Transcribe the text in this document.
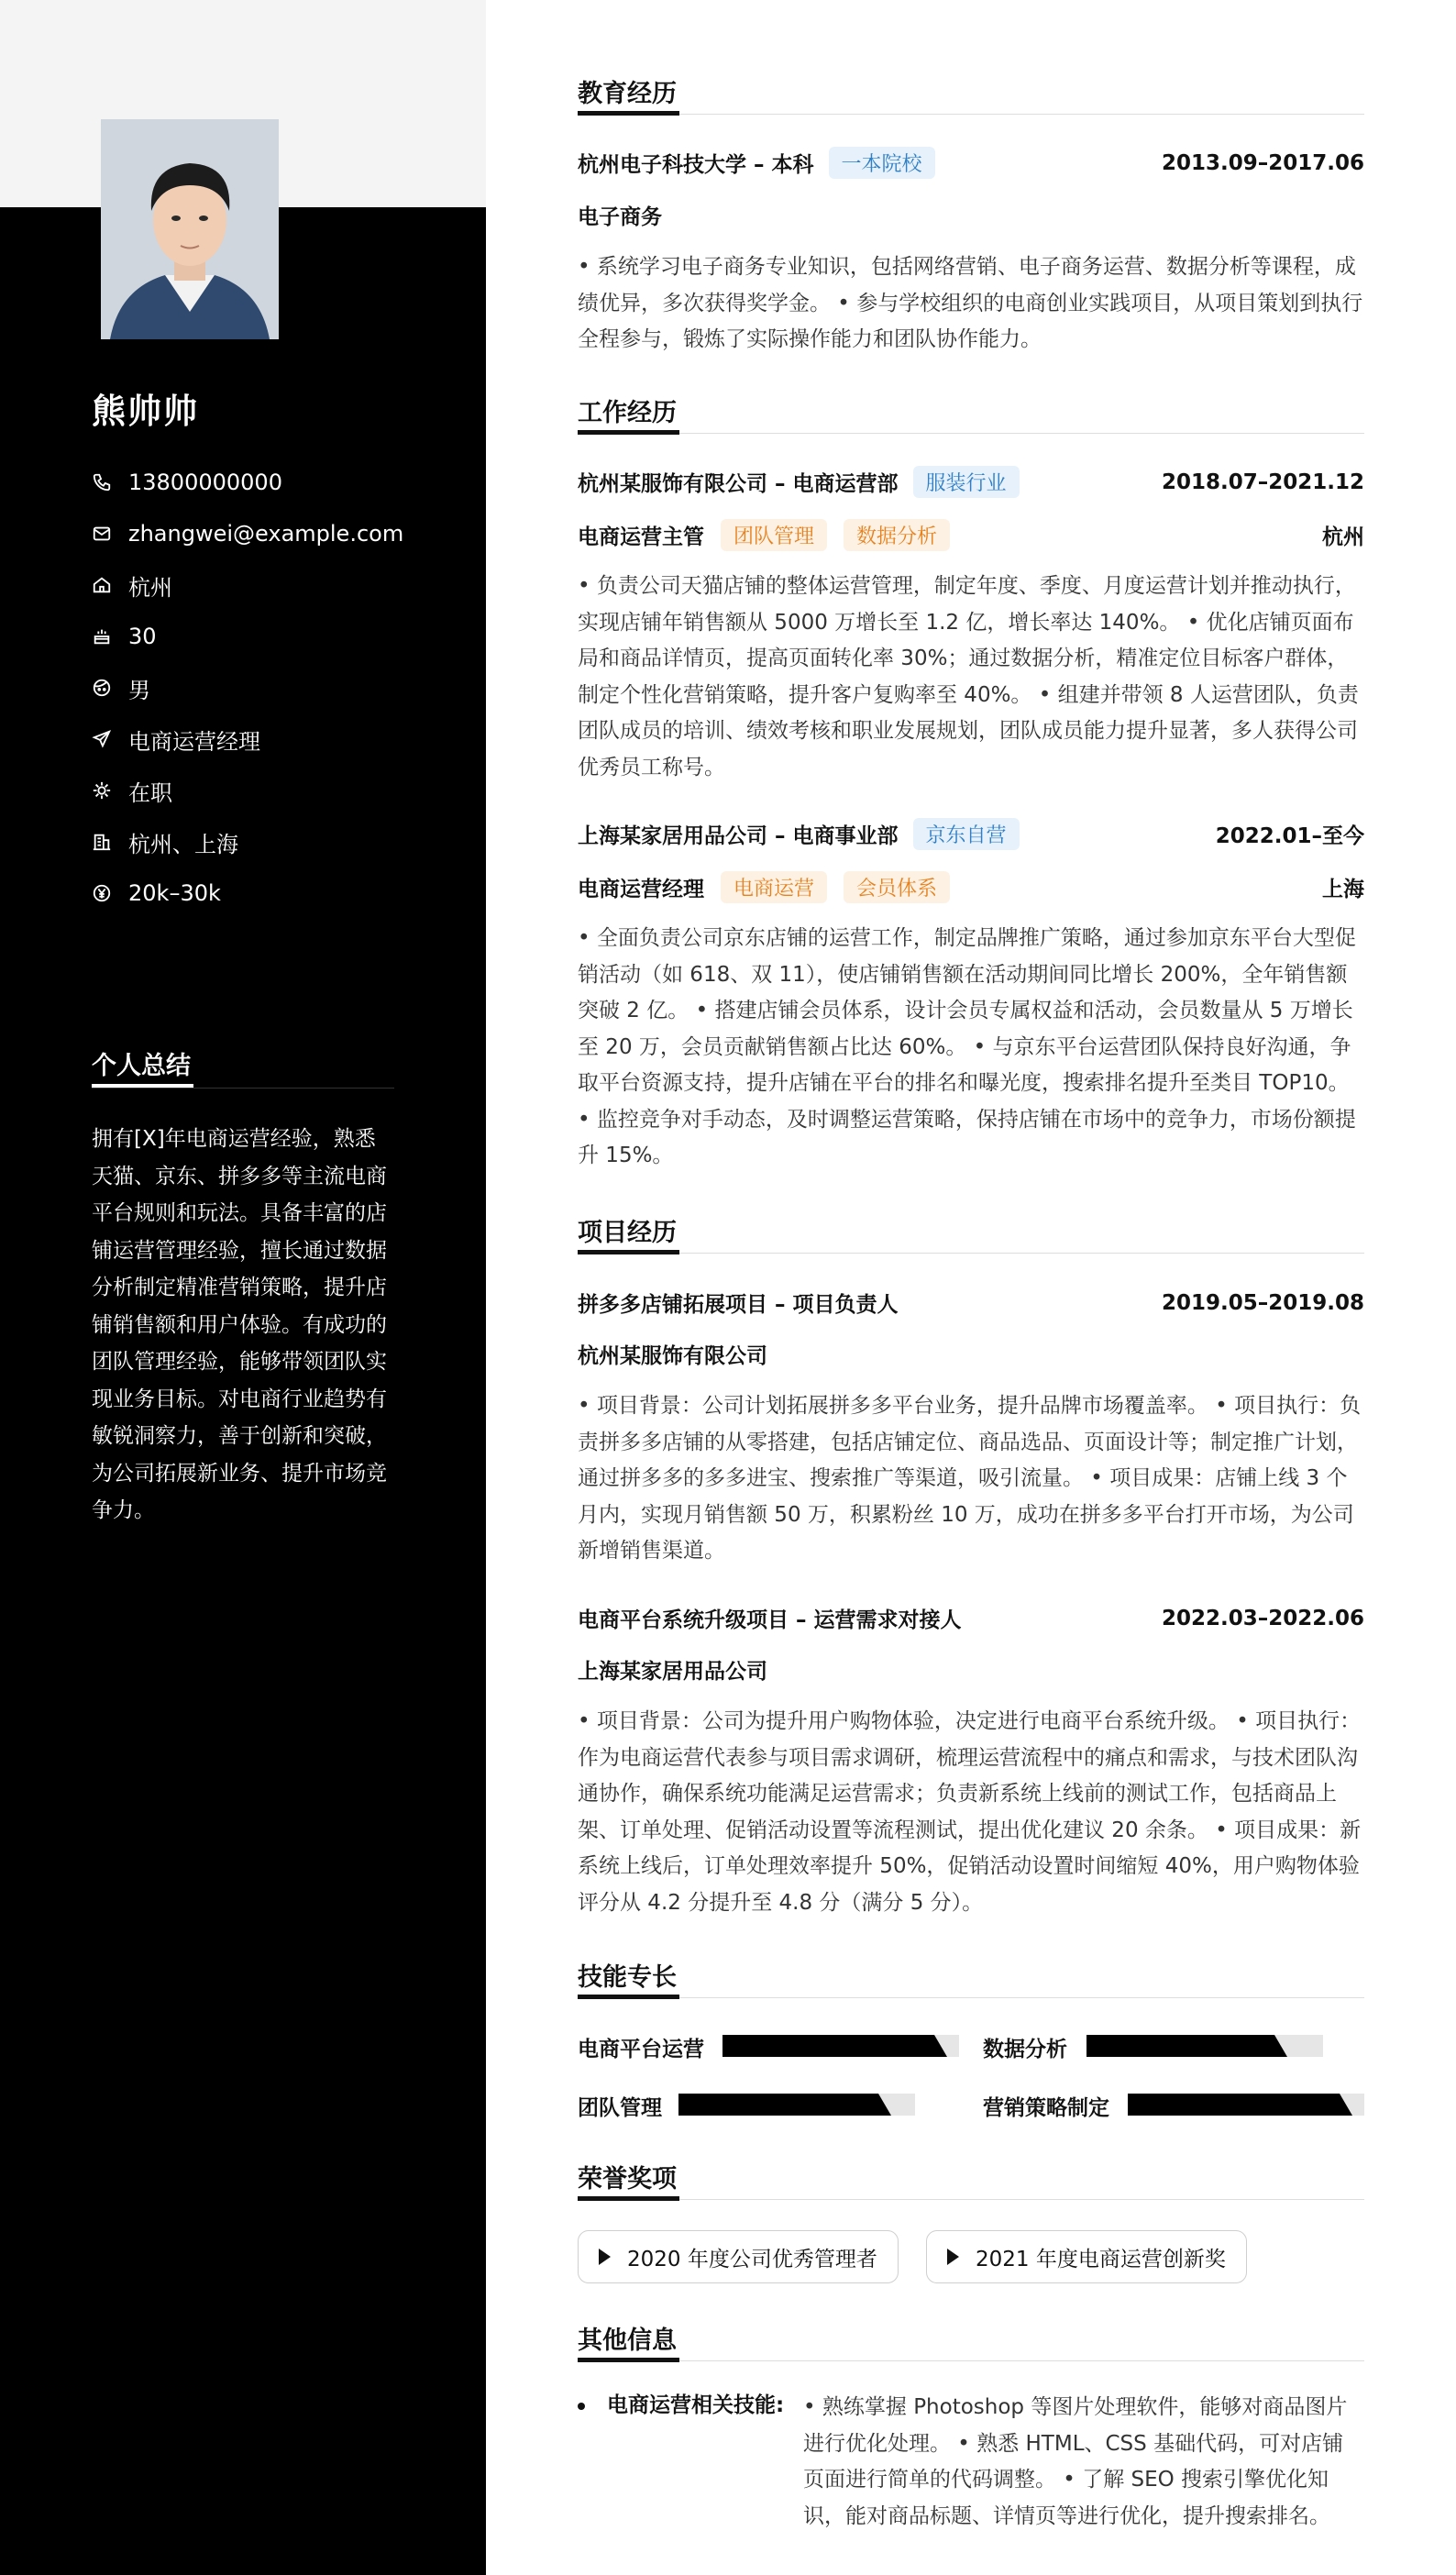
熊帅帅
13800000000
zhangwei@example.com
杭州
30
男
电商运营经理
在职
杭州、上海
20k–30k
个人总结
拥有[X]年电商运营经验，熟悉天猫、京东、拼多多等主流电商平台规则和玩法。具备丰富的店铺运营管理经验，擅长通过数据分析制定精准营销策略，提升店铺销售额和用户体验。有成功的团队管理经验，能够带领团队实现业务目标。对电商行业趋势有敏锐洞察力，善于创新和突破，为公司拓展新业务、提升市场竞争力。
教育经历
杭州电子科技大学 – 本科	一本院校	2013.09–2017.06
电子商务
• 系统学习电子商务专业知识，包括网络营销、电子商务运营、数据分析等课程，成绩优异，多次获得奖学金。 • 参与学校组织的电商创业实践项目，从项目策划到执行全程参与，锻炼了实际操作能力和团队协作能力。
工作经历
杭州某服饰有限公司 – 电商运营部	服装行业	2018.07–2021.12
电商运营主管	团队管理	数据分析	杭州
• 负责公司天猫店铺的整体运营管理，制定年度、季度、月度运营计划并推动执行，实现店铺年销售额从 5000 万增长至 1.2 亿，增长率达 140%。 • 优化店铺页面布局和商品详情页，提高页面转化率 30%；通过数据分析，精准定位目标客户群体，制定个性化营销策略，提升客户复购率至 40%。 • 组建并带领 8 人运营团队，负责团队成员的培训、绩效考核和职业发展规划，团队成员能力提升显著，多人获得公司优秀员工称号。
上海某家居用品公司 – 电商事业部	京东自营	2022.01–至今
电商运营经理	电商运营	会员体系	上海
• 全面负责公司京东店铺的运营工作，制定品牌推广策略，通过参加京东平台大型促销活动（如 618、双 11），使店铺销售额在活动期间同比增长 200%，全年销售额突破 2 亿。 • 搭建店铺会员体系，设计会员专属权益和活动，会员数量从 5 万增长至 20 万，会员贡献销售额占比达 60%。 • 与京东平台运营团队保持良好沟通，争取平台资源支持，提升店铺在平台的排名和曝光度，搜索排名提升至类目 TOP10。 • 监控竞争对手动态，及时调整运营策略，保持店铺在市场中的竞争力，市场份额提升 15%。
项目经历
拼多多店铺拓展项目 – 项目负责人	2019.05–2019.08
杭州某服饰有限公司
• 项目背景：公司计划拓展拼多多平台业务，提升品牌市场覆盖率。 • 项目执行：负责拼多多店铺的从零搭建，包括店铺定位、商品选品、页面设计等；制定推广计划，通过拼多多的多多进宝、搜索推广等渠道，吸引流量。 • 项目成果：店铺上线 3 个月内，实现月销售额 50 万，积累粉丝 10 万，成功在拼多多平台打开市场，为公司新增销售渠道。
电商平台系统升级项目 – 运营需求对接人	2022.03–2022.06
上海某家居用品公司
• 项目背景：公司为提升用户购物体验，决定进行电商平台系统升级。 • 项目执行：作为电商运营代表参与项目需求调研，梳理运营流程中的痛点和需求，与技术团队沟通协作，确保系统功能满足运营需求；负责新系统上线前的测试工作，包括商品上架、订单处理、促销活动设置等流程测试，提出优化建议 20 余条。 • 项目成果：新系统上线后，订单处理效率提升 50%，促销活动设置时间缩短 40%，用户购物体验评分从 4.2 分提升至 4.8 分（满分 5 分）。
技能专长
电商平台运营	数据分析
团队管理	营销策略制定
荣誉奖项
2020 年度公司优秀管理者	2021 年度电商运营创新奖
其他信息
电商运营相关技能: • 熟练掌握 Photoshop 等图片处理软件，能够对商品图片进行优化处理。 • 熟悉 HTML、CSS 基础代码，可对店铺页面进行简单的代码调整。 • 了解 SEO 搜索引擎优化知识，能对商品标题、详情页等进行优化，提升搜索排名。
